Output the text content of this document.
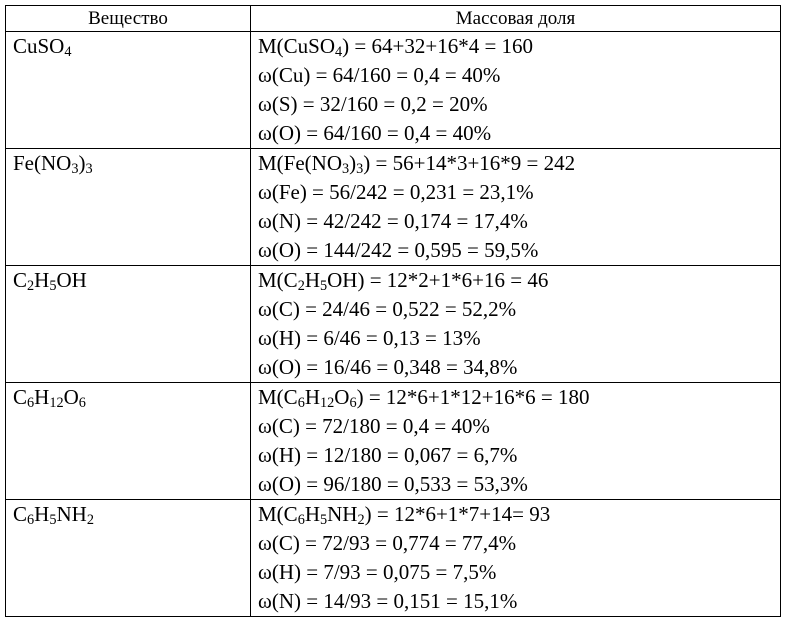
Вещество	Массовая доля

CuSO$_4$	M(CuSO$_4$) = 64+32+16*4 = 160
ω(Cu) = 64/160 = 0,4 = 40%
ω(S) = 32/160 = 0,2 = 20%
ω(O) = 64/160 = 0,4 = 40%

$Fe(NO_3)_3$	$M(Fe(NO_3)_3) = 56+14*3+16*9 = 242$
ω(Fe) = 56/242 = 0,231 = 23,1%
ω(N) = 42/242 = 0,174 = 17,4%
ω(O) = 144/242 = 0,595 = 59,5%

$C_2H_5OH$	$M(C_2H_5OH) = 12*2+1*6+16 = 46$
ω(C) = 24/46 = 0,522 = 52,2%
ω(H) = 6/46 = 0,13 = 13%
ω(O) = 16/46 = 0,348 = 34,8%

$C_6H_{12}O_6$	$M(C_6H_{12}O_6) = 12*6+1*12+16*6 = 180$
ω(C) = 72/180 = 0,4 = 40%
ω(H) = 12/180 = 0,067 = 6,7%
ω(O) = 96/180 = 0,533 = 53,3%

$C_6H_5NH_2$	$M(C_6H_5NH_2) = 12*6+1*7+14= 93$
ω(C) = 72/93 = 0,774 = 77,4%
ω(H) = 7/93 = 0,075 = 7,5%
ω(N) = 14/93 = 0,151 = 15,1%
